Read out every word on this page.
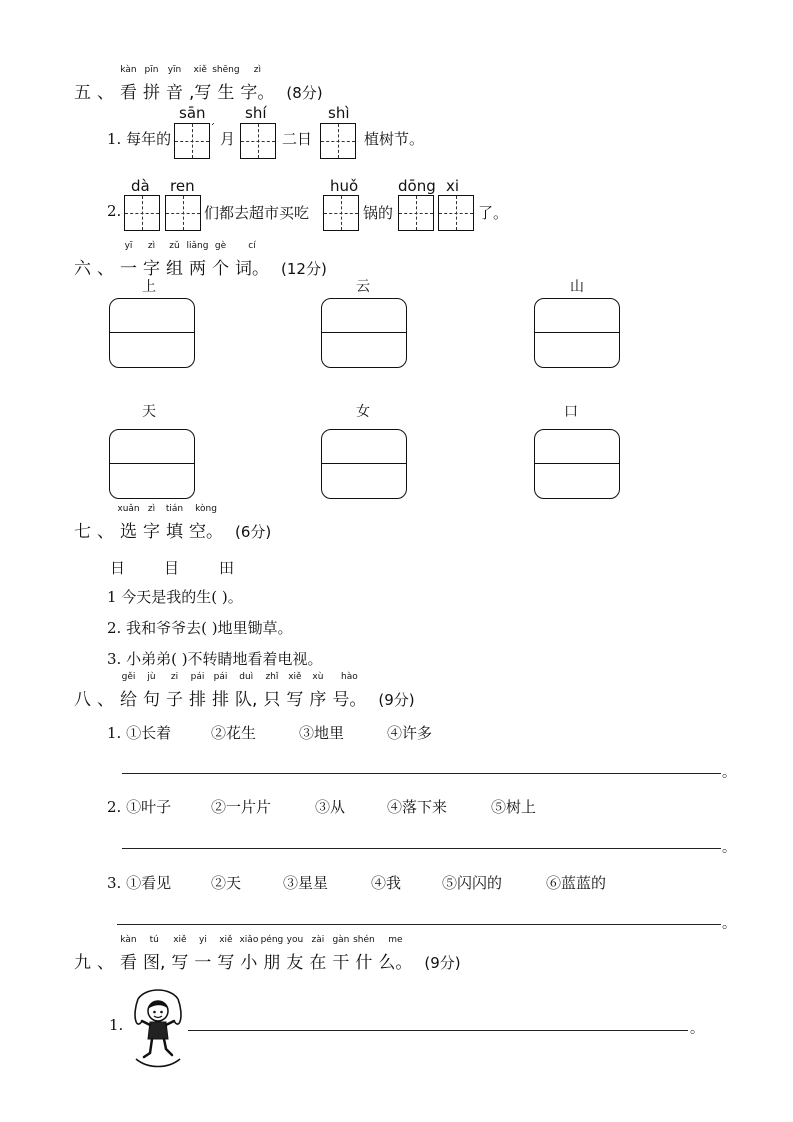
五 、 看
kàn
拼
pīn
音
yīn
,写
xiě
生
shēng
字。
zì
(8分)
1. 每年的
sān
月
shí
二日
shì
植树节。
2.
dà ren
们都去超市买吃
huǒ
锅的
dōng xi
了。
六 、 一
yī
字
zì
组
zǔ
两
liǎng
个
gè
词。
cí
(12分)
上	云	山
天	女	口
七 、 选
xuǎn
字
zì
填
tián
空。
kòng
(6分)
日	目	田
1 今天是我的生( )。
2. 我和爷爷去( )地里锄草。
3. 小弟弟( )不转睛地看着电视。
八 、 给
gěi
句
jù
子
zi
排
pái
排
pái
队,
duì
只
zhǐ
写
xiě
序
xù
号。
hào
(9分)
1. ①长着	②花生	③地里	④许多
。
2. ①叶子	②一片片	③从	④落下来	⑤树上
。
3. ①看见	②天	③星星	④我	⑤闪闪的	⑥蓝蓝的
。
九 、 看
kàn
图,
tú
写
xiě
一
yi
写
xiě
小
xiǎo
朋
péng
友
you
在
zài
干
gàn
什
shén
么。
me
(9分)
1.	。
